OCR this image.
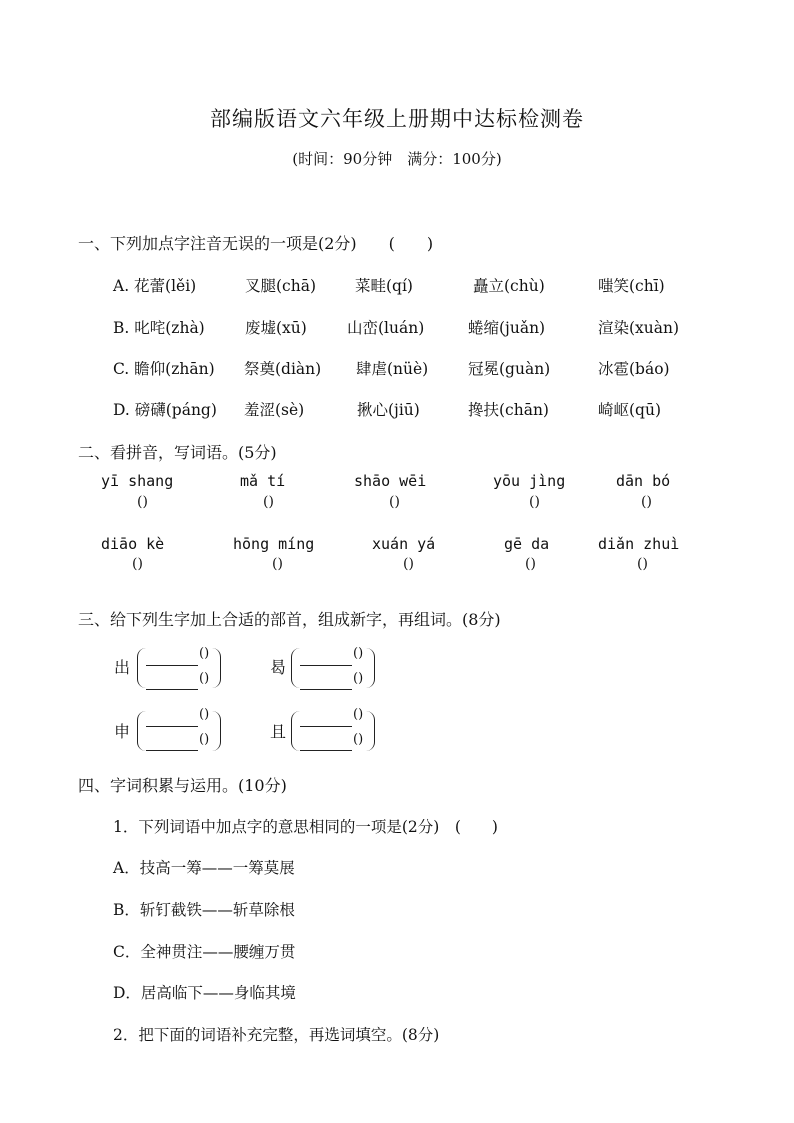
部编版语文六年级上册期中达标检测卷
(时间：90分钟　满分：100分)
一、下列加点字注音无误的一项是(2分)　　(　　)
A. 花蕾(lěi)	叉腿(chā)	菜畦(qí)	矗立(chù)	嗤笑(chī)
B. 叱咤(zhà)	废墟(xū)	山峦(luán)	蜷缩(juǎn)	渲染(xuàn)
C. 瞻仰(zhān) 祭奠(diàn) 肆虐(nüè)	冠冕(guàn)	冰雹(báo)
D. 磅礴(páng) 羞涩(sè)	揪心(jiū)	搀扶(chān)	崎岖(qū)
二、看拼音，写词语。(5分)
yī shang	mǎ tí	shāo wēi	yōu jìng	dān bó
()	()	()	()	()
diāo kè	hōng míng	xuán yá	gē da	diǎn zhuì
()	()	()	()	()
三、给下列生字加上合适的部首，组成新字，再组词。(8分)
出
()
()
曷
()
()
申
()
()	且
()
()
四、字词积累与运用。(10分)
1．下列词语中加点字的意思相同的一项是(2分)　(　　)
A．技高一筹——一筹莫展
B．斩钉截铁——斩草除根
C．全神贯注——腰缠万贯
D．居高临下——身临其境
2．把下面的词语补充完整，再选词填空。(8分)
